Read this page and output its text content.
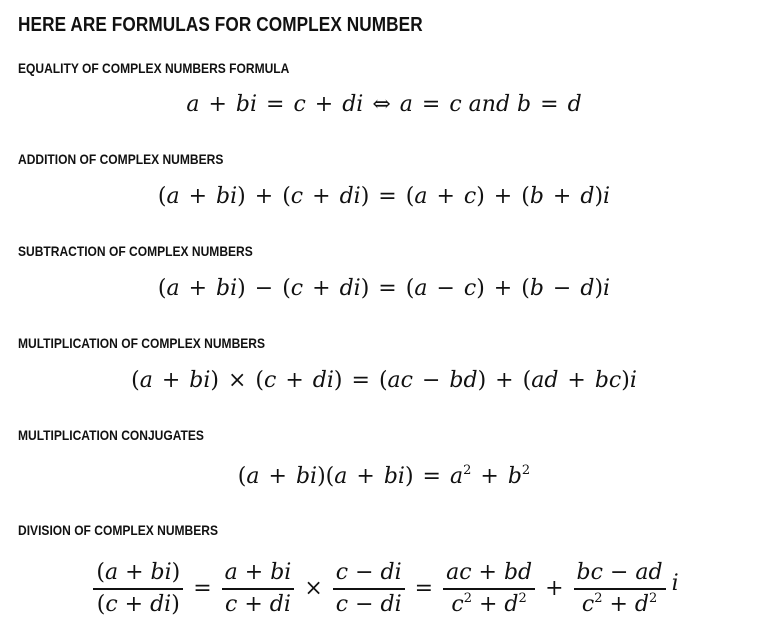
HERE ARE FORMULAS FOR COMPLEX NUMBER
EQUALITY OF COMPLEX NUMBERS FORMULA
a + bi = c + di ⇔ a = c and b = d
ADDITION OF COMPLEX NUMBERS
(a + bi) + (c + di) = (a + c) + (b + d)i
SUBTRACTION OF COMPLEX NUMBERS
(a + bi) − (c + di) = (a − c) + (b − d)i
MULTIPLICATION OF COMPLEX NUMBERS
(a + bi) × (c + di) = (ac − bd) + (ad + bc)i
MULTIPLICATION CONJUGATES
$(a + bi)(a + bi) = a^2 + b^2$
DIVISION OF COMPLEX NUMBERS
$\frac{(a + bi)}{(c + di)} = \frac{a + bi}{c + di} \times \frac{c - di}{c - di} = \frac{ac + bd}{c^2 + d^2} + \frac{bc - ad}{c^2 + d^2}$ i
